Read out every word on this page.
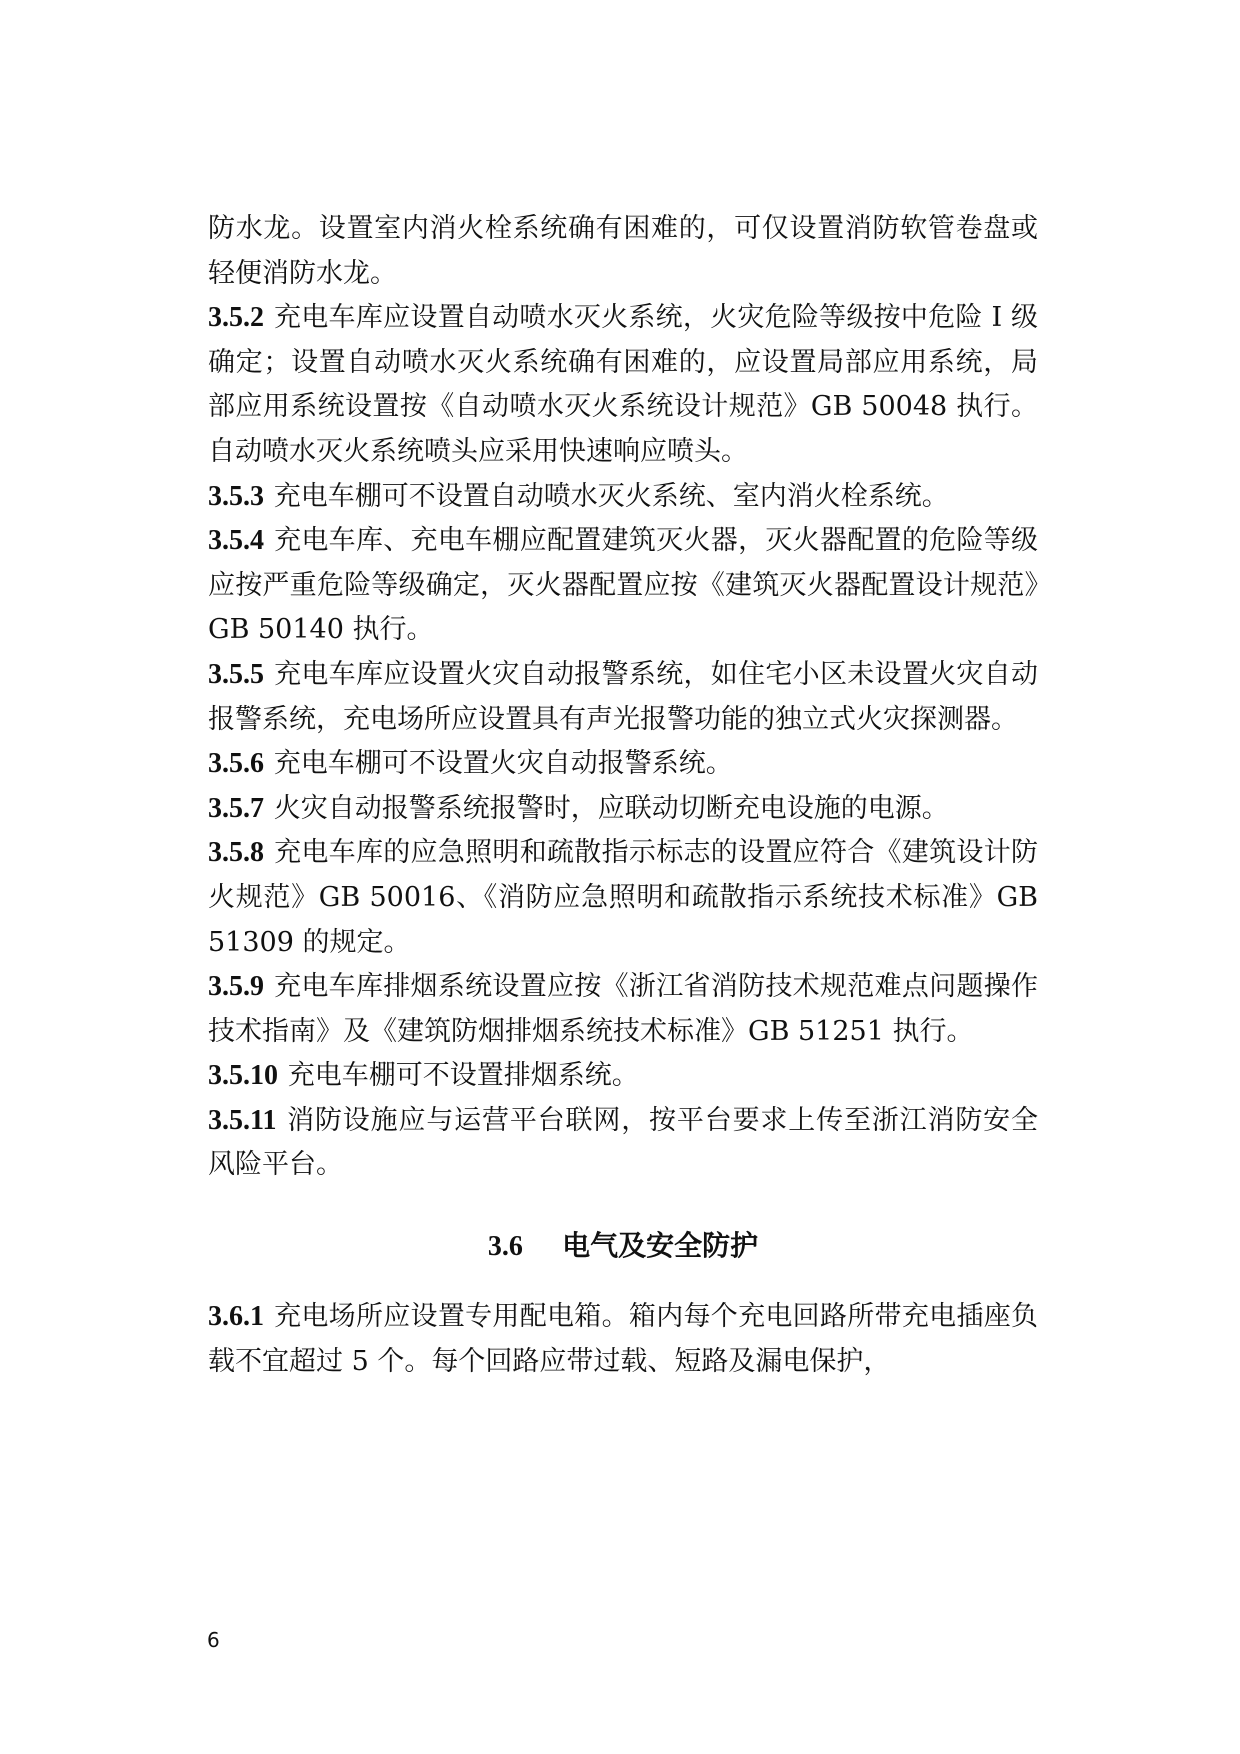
防水龙。设置室内消火栓系统确有困难的，可仅设置消防软管卷盘或轻便消防水龙。

3.5.2 充电车库应设置自动喷水灭火系统，火灾危险等级按中危险 I 级确定；设置自动喷水灭火系统确有困难的，应设置局部应用系统，局部应用系统设置按《自动喷水灭火系统设计规范》GB 50048 执行。自动喷水灭火系统喷头应采用快速响应喷头。

3.5.3 充电车棚可不设置自动喷水灭火系统、室内消火栓系统。

3.5.4 充电车库、充电车棚应配置建筑灭火器，灭火器配置的危险等级应按严重危险等级确定，灭火器配置应按《建筑灭火器配置设计规范》GB 50140 执行。

3.5.5 充电车库应设置火灾自动报警系统，如住宅小区未设置火灾自动报警系统，充电场所应设置具有声光报警功能的独立式火灾探测器。

3.5.6 充电车棚可不设置火灾自动报警系统。

3.5.7 火灾自动报警系统报警时，应联动切断充电设施的电源。

3.5.8 充电车库的应急照明和疏散指示标志的设置应符合《建筑设计防火规范》GB 50016、《消防应急照明和疏散指示系统技术标准》GB 51309 的规定。

3.5.9 充电车库排烟系统设置应按《浙江省消防技术规范难点问题操作技术指南》及《建筑防烟排烟系统技术标准》GB 51251 执行。

3.5.10 充电车棚可不设置排烟系统。

3.5.11 消防设施应与运营平台联网，按平台要求上传至浙江消防安全风险平台。

3.6 电气及安全防护

3.6.1 充电场所应设置专用配电箱。箱内每个充电回路所带充电插座负载不宜超过 5 个。每个回路应带过载、短路及漏电保护，

6
